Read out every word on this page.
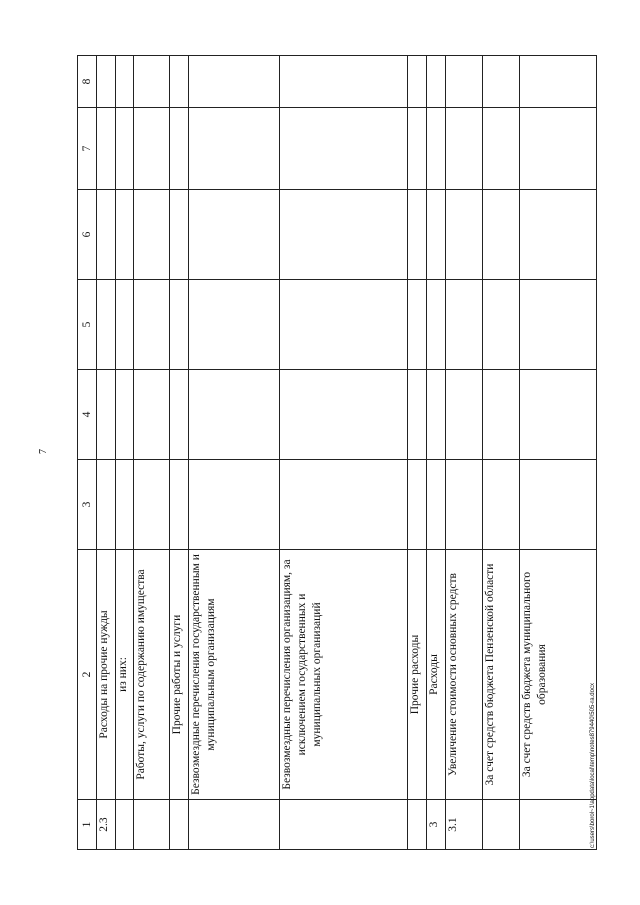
7
1	2	3	4	5	6	7	8
2.3	Расходы на прочие нужды						
	из них:						
	Работы, услуги по содержанию имущества						
	Прочие работы и услуги						
	Безвозмездные перечисления государственным и муниципальным организациям						
	Безвозмездные перечисления организациям, за исключением государственных и муниципальных организаций						
	Прочие расходы						
3	Расходы						
3.1	Увеличение стоимости основных средств						
	За счет средств бюджета Пензенской области						
	За счет средств бюджета муниципального образования						
c:\users\borol~1\appdata\local\temp\notes879440\505-ra.docx
